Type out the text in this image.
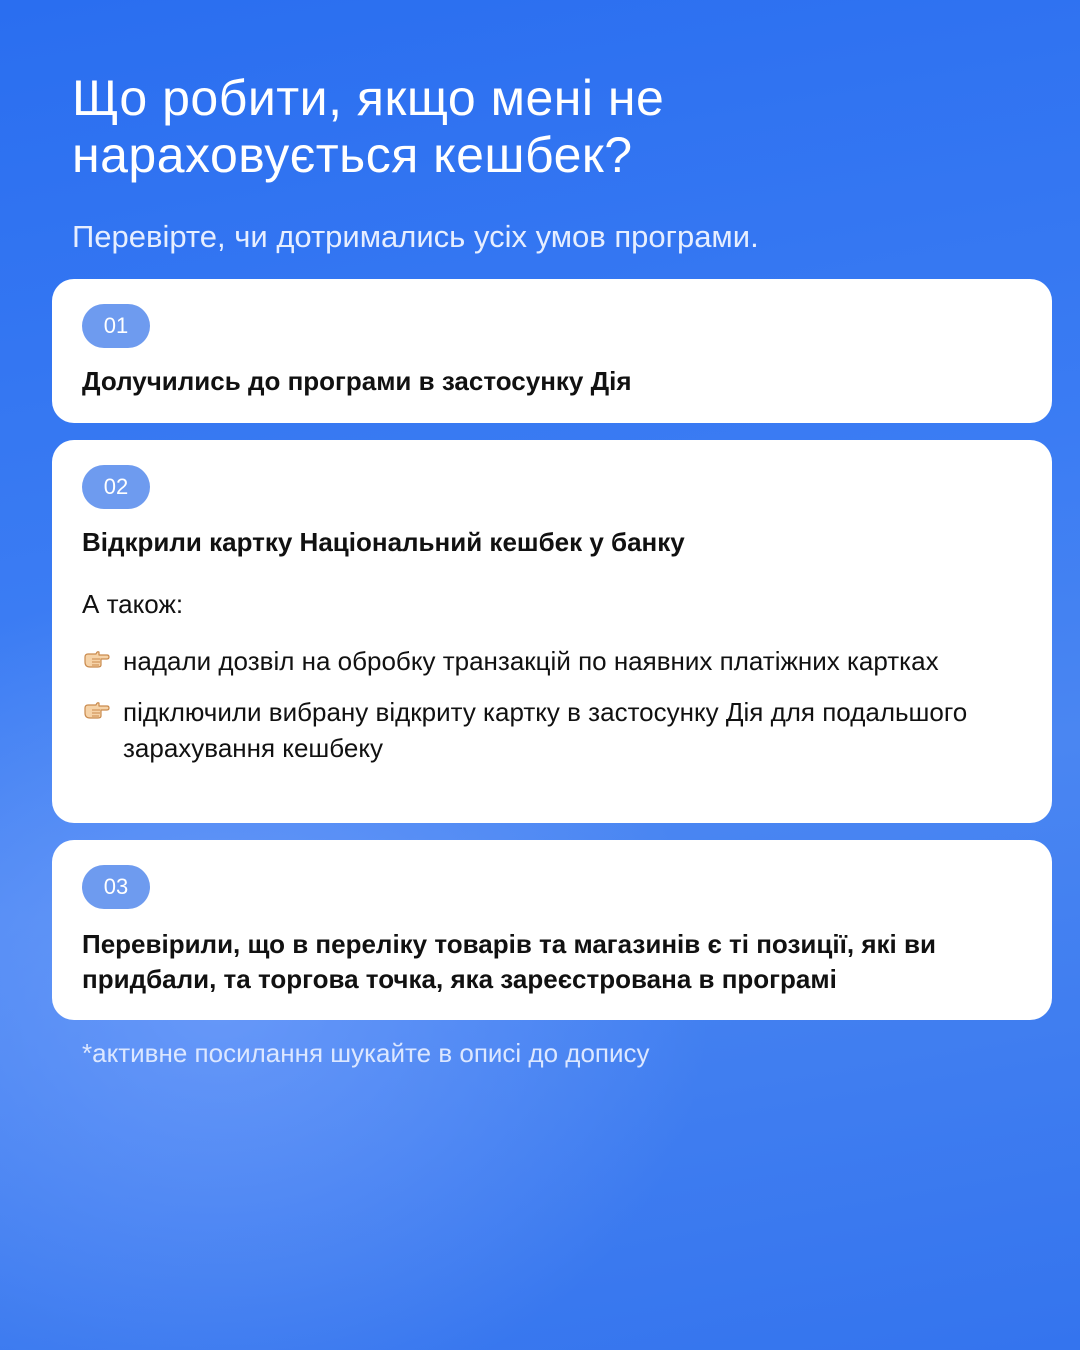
Що робити, якщо мені не нараховується кешбек?

Перевірте, чи дотримались усіх умов програми.

01
Долучились до програми в застосунку Дія
02
Відкрили картку Національний кешбек у банку

А також:

надали дозвіл на обробку транзакцій по наявних платіжних картках
підключили вибрану відкриту картку в застосунку Дія для подальшого зарахування кешбеку
03
Перевірили, що в переліку товарів та магазинів є ті позиції, які ви придбали, та торгова точка, яка зареєстрована в програмі

*активне посилання шукайте в описі до допису
